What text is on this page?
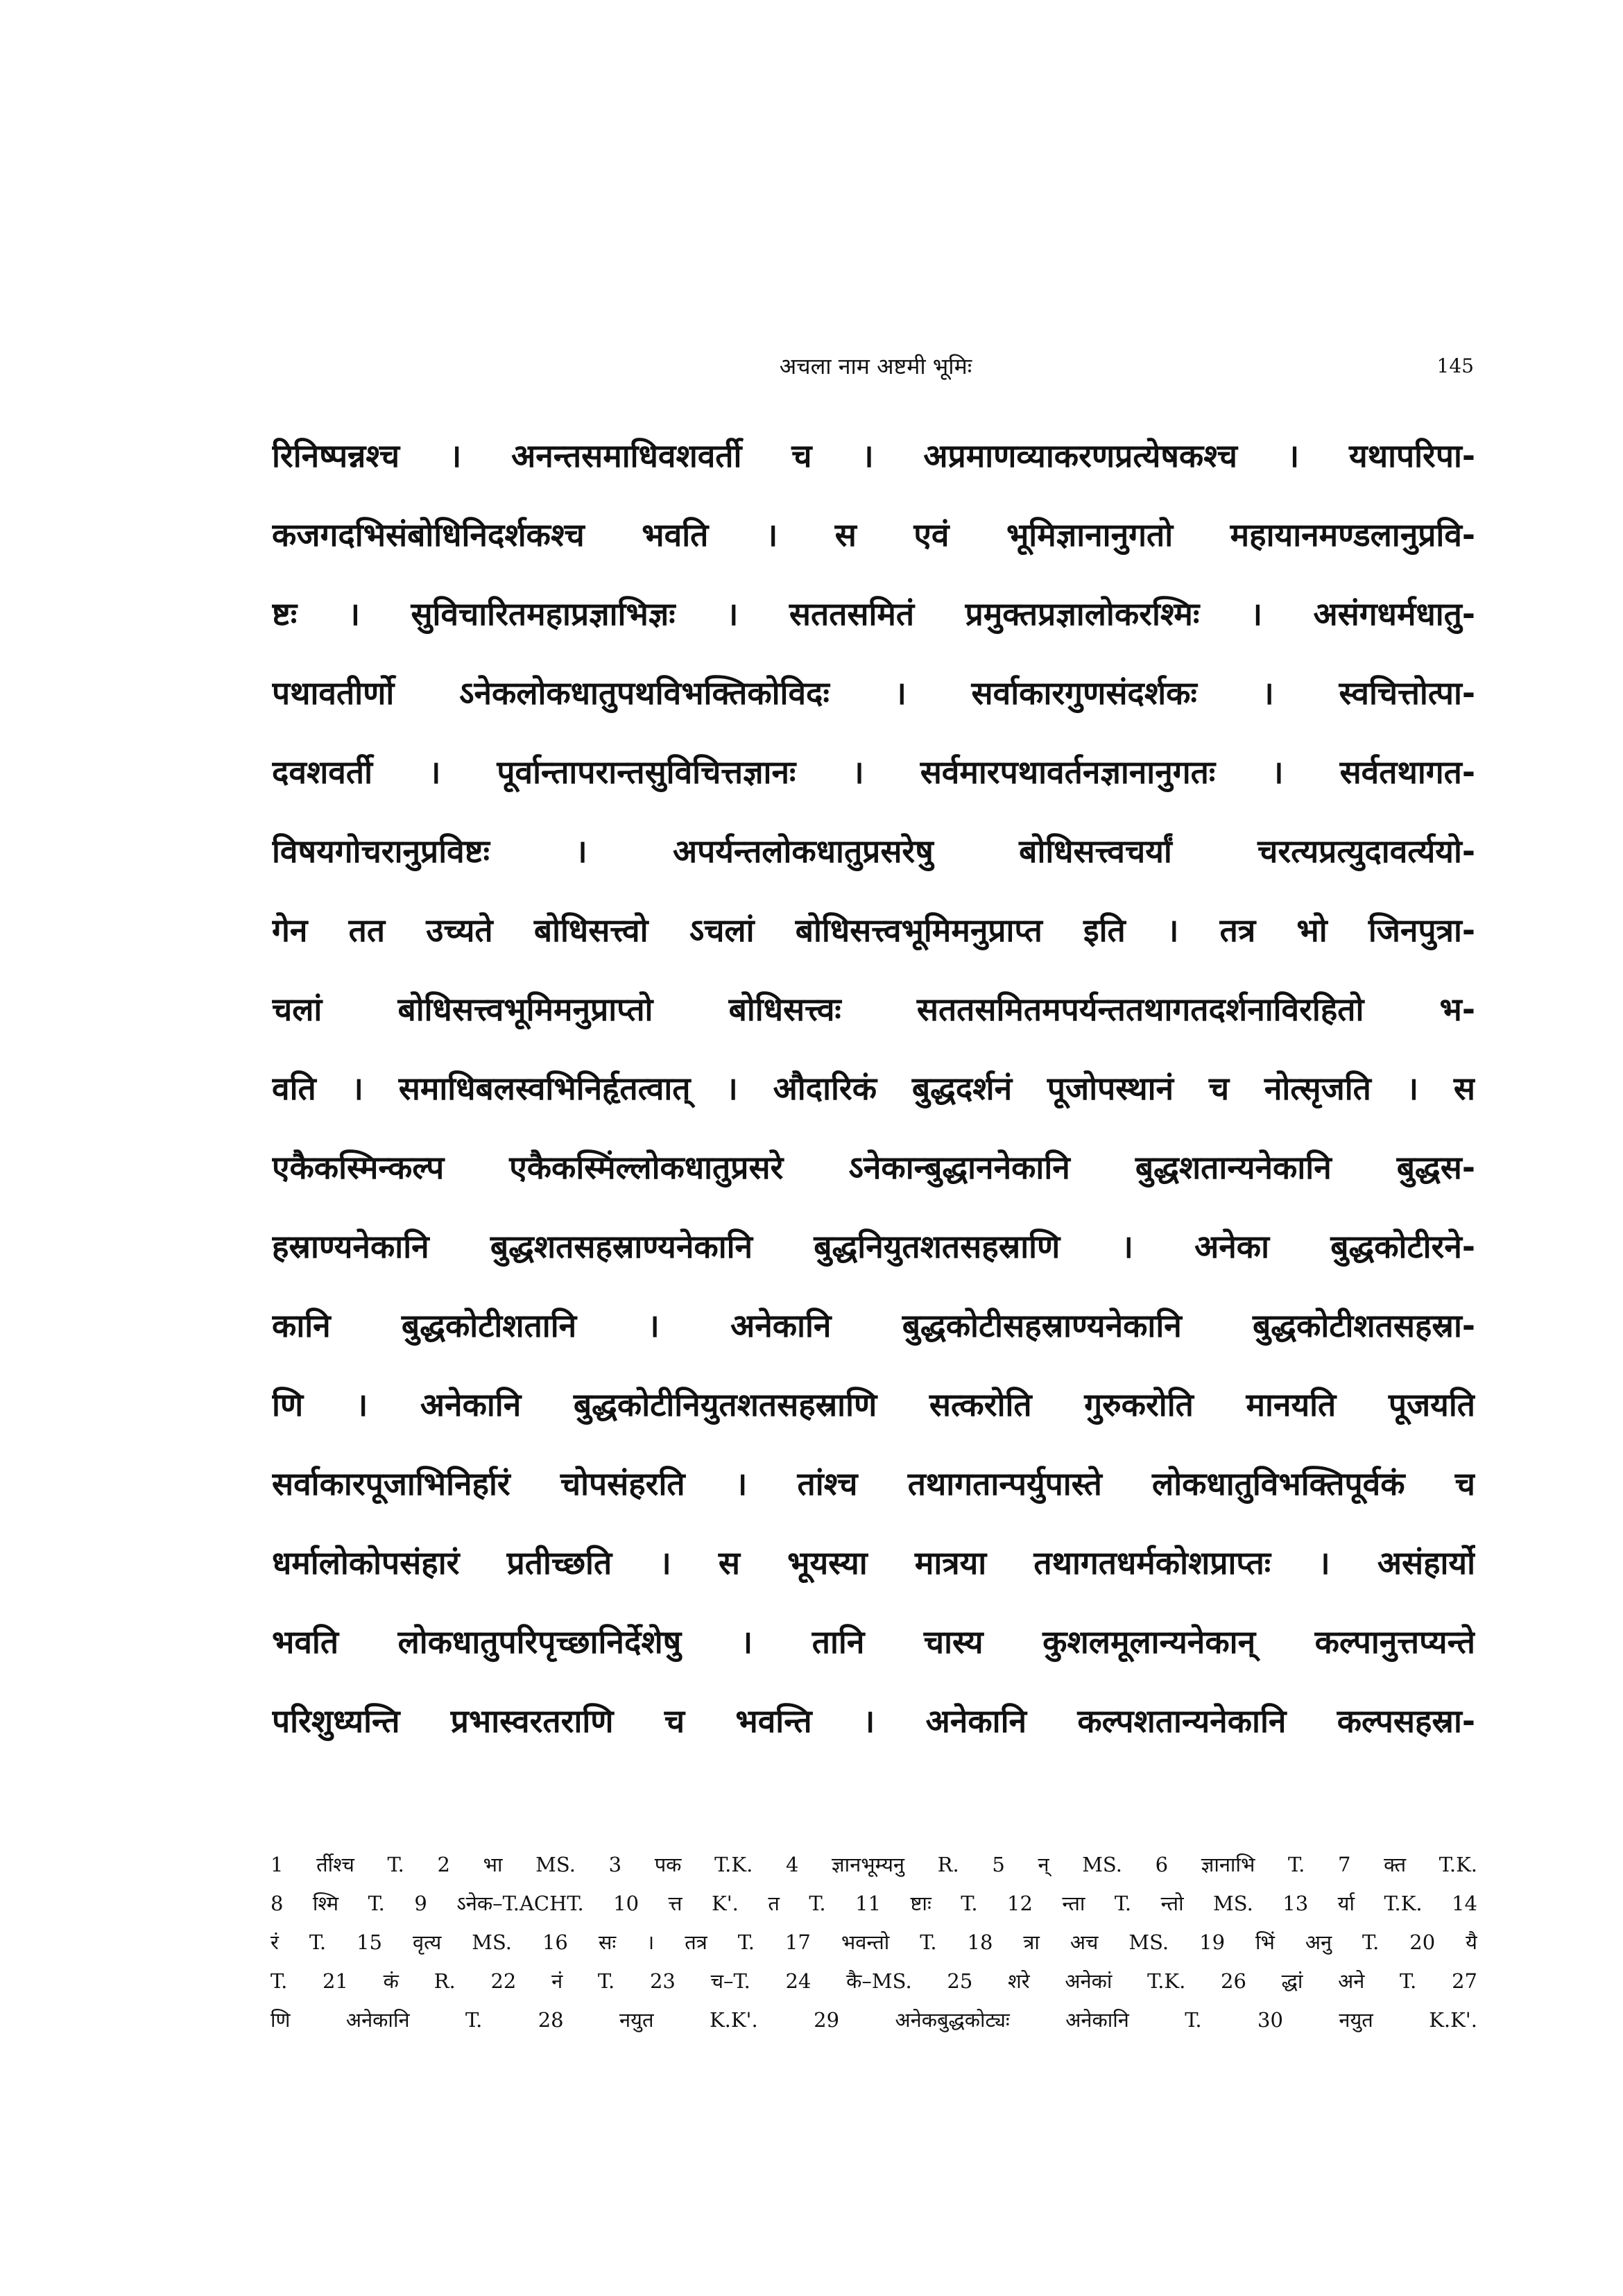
अचला नाम अष्टमी भूमिः	145
रिनिष्पन्नश्च । अनन्तसमाधिवशवर्ती च । अप्रमाणव्याकरणप्रत्येषकश्च । यथापरिपा-
कजगदभिसंबोधिनिदर्शकश्च भवति । स एवं भूमिज्ञानानुगतो महायानमण्डलानुप्रवि-
ष्टः । सुविचारितमहाप्रज्ञाभिज्ञः । सततसमितं प्रमुक्तप्रज्ञालोकरश्मिः । असंगधर्मधातु-
पथावतीर्णो ऽनेकलोकधातुपथविभक्तिकोविदः । सर्वाकारगुणसंदर्शकः । स्वचित्तोत्पा-
दवशवर्ती । पूर्वान्तापरान्तसुविचित्तज्ञानः । सर्वमारपथावर्तनज्ञानानुगतः । सर्वतथागत-
विषयगोचरानुप्रविष्टः । अपर्यन्तलोकधातुप्रसरेषु बोधिसत्त्वचर्यां चरत्यप्रत्युदावर्त्ययो-
गेन तत उच्यते बोधिसत्त्वो ऽचलां बोधिसत्त्वभूमिमनुप्राप्त इति । तत्र भो जिनपुत्रा-
चलां बोधिसत्त्वभूमिमनुप्राप्तो बोधिसत्त्वः सततसमितमपर्यन्ततथागतदर्शनाविरहितो भ-
वति । समाधिबलस्वभिनिर्हृतत्वात् । औदारिकं बुद्धदर्शनं पूजोपस्थानं च नोत्सृजति । स
एकैकस्मिन्कल्प एकैकस्मिंल्लोकधातुप्रसरे ऽनेकान्बुद्धाननेकानि बुद्धशतान्यनेकानि बुद्धस-
हस्राण्यनेकानि बुद्धशतसहस्राण्यनेकानि बुद्धनियुतशतसहस्राणि । अनेका बुद्धकोटीरने-
कानि बुद्धकोटीशतानि । अनेकानि बुद्धकोटीसहस्राण्यनेकानि बुद्धकोटीशतसहस्रा-
णि । अनेकानि बुद्धकोटीनियुतशतसहस्राणि सत्करोति गुरुकरोति मानयति पूजयति
सर्वाकारपूजाभिनिर्हारं चोपसंहरति । तांश्च तथागतान्पर्युपास्ते लोकधातुविभक्तिपूर्वकं च
धर्मालोकोपसंहारं प्रतीच्छति । स भूयस्या मात्रया तथागतधर्मकोशप्राप्तः । असंहार्यो
भवति लोकधातुपरिपृच्छानिर्देशेषु । तानि चास्य कुशलमूलान्यनेकान् कल्पानुत्तप्यन्ते
परिशुध्यन्ति प्रभास्वरतराणि च भवन्ति । अनेकानि कल्पशतान्यनेकानि कल्पसहस्रा-
1 र्तीश्च T. 2 भा MS. 3 पक T.K. 4 ज्ञानभूम्यनु R. 5 न् MS. 6 ज्ञानाभि T. 7 क्त T.K.
8 श्मि T. 9 ऽनेक–T.ACHT. 10 त्त K'. त T. 11 ष्टाः T. 12 न्ता T. न्तो MS. 13 र्या T.K. 14
रं T. 15 वृत्य MS. 16 सः । तत्र T. 17 भवन्तो T. 18 त्रा अच MS. 19 भिं अनु T. 20 यै
T. 21 कं R. 22 नं T. 23 च–T. 24 कै–MS. 25 शरे अनेकां T.K. 26 द्धां अने T. 27
णि अनेकानि T. 28 नयुत K.K'. 29 अनेकबुद्धकोट्यः अनेकानि T. 30 नयुत K.K'.
